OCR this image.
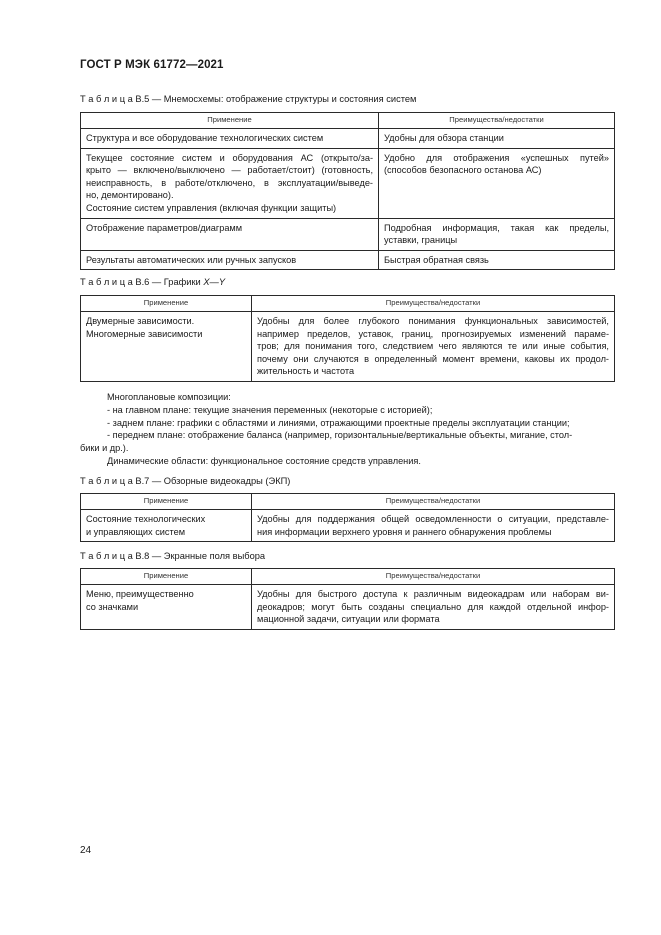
ГОСТ Р МЭК 61772—2021
Т а б л и ц а В.5 — Мнемосхемы: отображение структуры и состояния систем
Применение	Преимущества/недостатки

Структура и все оборудование технологических систем	Удобны для обзора станции

Текущее состояние систем и оборудования АС (открыто/за-
крыто — включено/выключено — работает/стоит) (готовность,
неисправность, в работе/отключено, в эксплуатации/выведе-
но, демонтировано).
Состояние систем управления (включая функции защиты)	Удобно для отображения «успешных путей»
(способов безопасного останова АС)

Отображение параметров/диаграмм	Подробная информация, такая как пределы,
уставки, границы

Результаты автоматических или ручных запусков	Быстрая обратная связь
Т а б л и ц а В.6 — Графики X—Y
Применение	Преимущества/недостатки

Двумерные зависимости.
Многомерные зависимости	Удобны для более глубокого понимания функциональных зависимостей,
например пределов, уставок, границ, прогнозируемых изменений параме-
тров; для понимания того, следствием чего являются те или иные события,
почему они случаются в определенный момент времени, каковы их продол-
жительность и частота
Многоплановые композиции:
- на главном плане: текущие значения переменных (некоторые с историей);
- заднем плане: графики с областями и линиями, отражающими проектные пределы эксплуатации станции;
- переднем плане: отображение баланса (например, горизонтальные/вертикальные объекты, мигание, стол-
бики и др.).
Динамические области: функциональное состояние средств управления.
Т а б л и ц а В.7 — Обзорные видеокадры (ЭКП)
Применение	Преимущества/недостатки

Состояние технологических
и управляющих систем	Удобны для поддержания общей осведомленности о ситуации, представле-
ния информации верхнего уровня и раннего обнаружения проблемы
Т а б л и ц а В.8 — Экранные поля выбора
Применение	Преимущества/недостатки

Меню, преимущественно
со значками	Удобны для быстрого доступа к различным видеокадрам или наборам ви-
деокадров; могут быть созданы специально для каждой отдельной инфор-
мационной задачи, ситуации или формата
24
